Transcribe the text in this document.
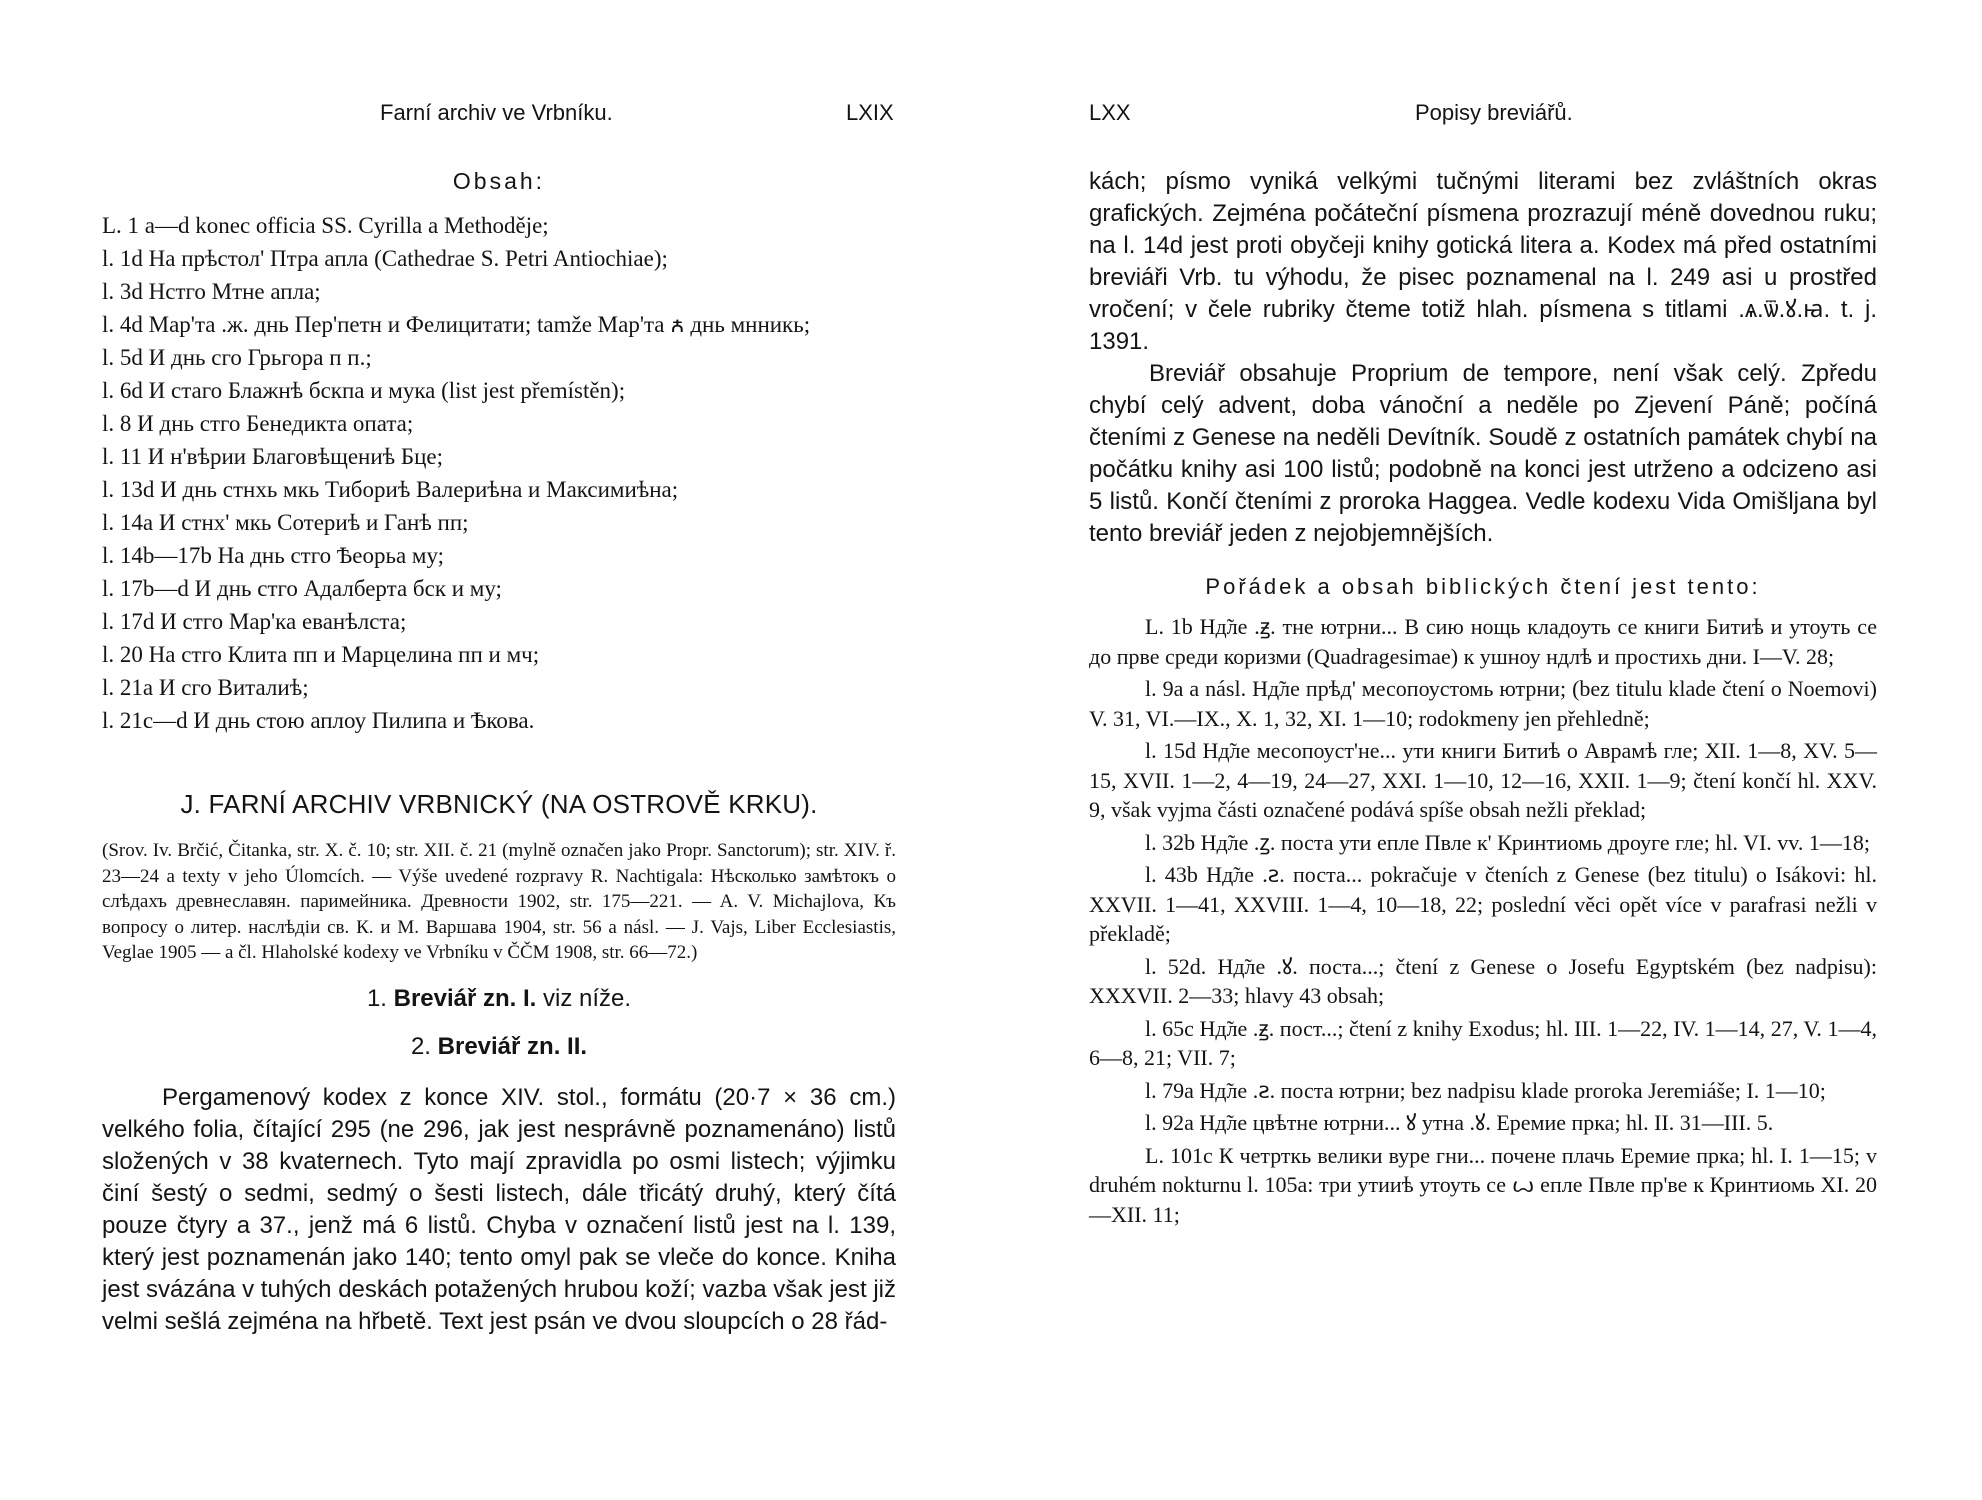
Farní archiv ve Vrbníku.	LXIX
Obsah:
L. 1 a—d konec officia SS. Cyrilla a Methoděje;
l. 1d На прѣстол' Птра апла (Cathedrae S. Petri Antiochiae);
l. 3d Нстго Мтне апла;
l. 4d Мар'та .ж. днь Пер'петн и Фелицитати; tamže Мар'та ꙉ днь мнникь;
l. 5d И днь сго Грьгора п п.;
l. 6d И стаго Блажнѣ бскпа и мука (list jest přemístěn);
l. 8 И днь стго Бенедикта опата;
l. 11 И н'вѣрии Благовѣщениѣ Бце;
l. 13d И днь стнхь мкь Тибориѣ Валериѣна и Максимиѣна;
l. 14a И стнх' мкь Сотериѣ и Ганѣ пп;
l. 14b—17b На днь стго Ѣеорьа му;
l. 17b—d И днь стго Адалберта бск и му;
l. 17d И стго Мар'ка еванѣлста;
l. 20 На стго Клита пп и Марцелина пп и мч;
l. 21a И сго Виталиѣ;
l. 21c—d И днь стою аплоу Пилипа и Ѣкова.
J. FARNÍ ARCHIV VRBNICKÝ (NA OSTROVĚ KRKU).
(Srov. Iv. Brčić, Čitanka, str. X. č. 10; str. XII. č. 21 (mylně označen jako Propr. Sanctorum); str. XIV. ř. 23—24 a texty v jeho Úlomcích. — Výše uvedené rozpravy R. Nachtigala: Нѣсколько замѣтокъ о слѣдахъ древнеславян. паримейника. Древности 1902, str. 175—221. — A. V. Michajlova, Къ вопросу о литер. наслѣдіи св. К. и М. Варшава 1904, str. 56 a násl. — J. Vajs, Liber Ecclesiastis, Veglae 1905 — a čl. Hlaholské kodexy ve Vrbníku v ČČM 1908, str. 66—72.)
1. Breviář zn. I. viz níže.
2. Breviář zn. II.
Pergamenový kodex z konce XIV. stol., formátu (20·7 × 36 cm.) velkého folia, čítající 295 (ne 296, jak jest nesprávně poznamenáno) listů složených v 38 kvaternech. Tyto mají zpravidla po osmi listech; výjimku činí šestý o sedmi, sedmý o šesti listech, dále třicátý druhý, který čítá pouze čtyry a 37., jenž má 6 listů. Chyba v označení listů jest na l. 139, který jest poznamenán jako 140; tento omyl pak se vleče do konce. Kniha jest svázána v tuhých deskách potažených hrubou koží; vazba však jest již velmi sešlá zejména na hřbetě. Text jest psán ve dvou sloupcích o 28 řád-
LXX	Popisy breviářů.
kách; písmo vyniká velkými tučnými literami bez zvláštních okras grafických. Zejména počáteční písmena prozrazují méně dovednou ruku; na l. 14d jest proti obyčeji knihy gotická litera a. Kodex má před ostatními breviáři Vrb. tu výhodu, že pisec poznamenal na l. 249 asi u prostřed vročení; v čele rubriky čteme totiž hlah. písmena s titlami .ѧ.ѿ.ꙋ.ꙗ. t. j. 1391.
Breviář obsahuje Proprium de tempore, není však celý. Zpředu chybí celý advent, doba vánoční a neděle po Zjevení Páně; počíná čteními z Genese na neděli Devítník. Soudě z ostatních památek chybí na počátku knihy asi 100 listů; podobně na konci jest utrženo a odcizeno asi 5 listů. Končí čteními z proroka Haggea. Vedle kodexu Vida Omišljana byl tento breviář jeden z nejobjemnějších.
Pořádek a obsah biblických čtení jest tento:
L. 1b Нд̃ле .ꙃ. тне ютрни... В сию нощь кладоуть се книги Битиѣ и утоуть се до прве среди коризми (Quadragesimae) к ушноу ндлѣ и простихь дни. I—V. 28;
l. 9a a násl. Нд̃ле прѣд' месопоустомь ютрни; (bez titulu klade čtení o Noemovi) V. 31, VI.—IX., X. 1, 32, XI. 1—10; rodokmeny jen přehledně;
l. 15d Нд̃ле месопоуст'не... ути книги Битиѣ о Аврамѣ гле; XII. 1—8, XV. 5—15, XVII. 1—2, 4—19, 24—27, XXI. 1—10, 12—16, XXII. 1—9; čtení končí hl. XXV. 9, však vyjma části označené podává spíše obsah nežli překlad;
l. 32b Нд̃ле .ꙁ. поста ути епле Пвле к' Кринтиомь дроуге гле; hl. VI. vv. 1—18;
l. 43b Нд̃ле .ꙅ. поста... pokračuje v čteních z Genese (bez titulu) o Isákovi: hl. XXVII. 1—41, XXVIII. 1—4, 10—18, 22; poslední věci opět více v parafrasi nežli v překladě;
l. 52d. Нд̃ле .ꙋ. поста...; čtení z Genese o Josefu Egyptském (bez nadpisu): XXXVII. 2—33; hlavy 43 obsah;
l. 65c Нд̃ле .ꙃ. пост...; čtení z knihy Exodus; hl. III. 1—22, IV. 1—14, 27, V. 1—4, 6—8, 21; VII. 7;
l. 79a Нд̃ле .ꙅ. поста ютрни; bez nadpisu klade proroka Jeremiáše; I. 1—10;
l. 92a Нд̃ле цвѣтне ютрни... ꙋ утна .ꙋ. Еремие прка; hl. II. 31—III. 5.
L. 101c К четрткь велики вуре гни... почене плачь Еремие прка; hl. I. 1—15; v druhém nokturnu l. 105a: три утииѣ утоуть се ꙍ епле Пвле пр'ве к Кринтиомь XI. 20—XII. 11;
